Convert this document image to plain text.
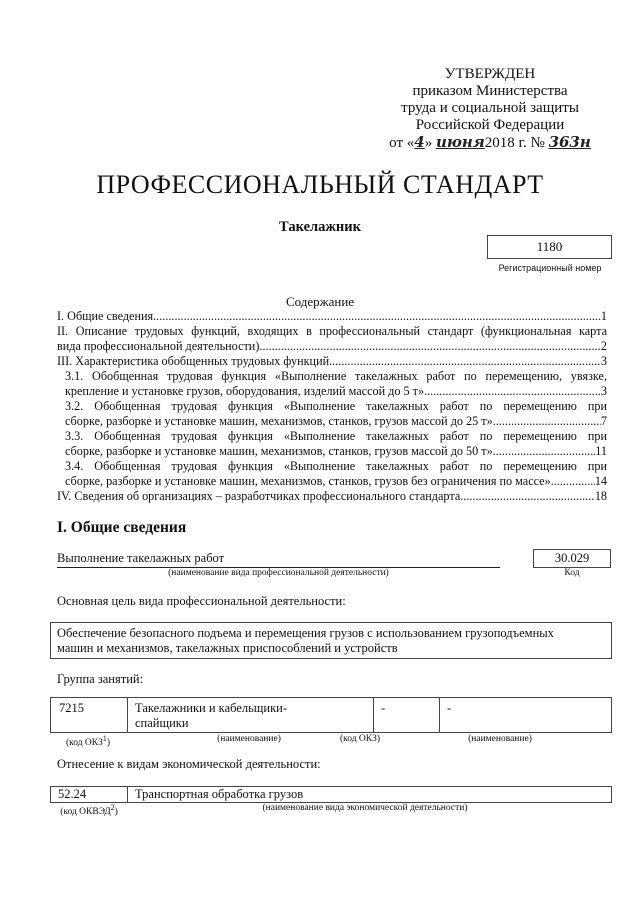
УТВЕРЖДЕН
приказом Министерства
труда и социальной защиты
Российской Федерации
от «4» июня2018 г. № 363н
ПРОФЕССИОНАЛЬНЫЙ СТАНДАРТ
Такелажник
1180
Регистрационный номер
Содержание
I. Общие сведения .....	1
II. Описание трудовых функций, входящих в профессиональный стандарт (функциональная карта
вида профессиональной деятельности) .....	2
III. Характеристика обобщенных трудовых функций .....	3
3.1. Обобщенная трудовая функция «Выполнение такелажных работ по перемещению, увязке,
крепление и установке грузов, оборудования, изделий массой до 5 т» .....	3
3.2. Обобщенная трудовая функция «Выполнение такелажных работ по перемещению при
сборке, разборке и установке машин, механизмов, станков, грузов массой до 25 т» .....	7
3.3. Обобщенная трудовая функция «Выполнение такелажных работ по перемещению при
сборке, разборке и установке машин, механизмов, станков, грузов массой до 50 т» .....	11
3.4. Обобщенная трудовая функция «Выполнение такелажных работ по перемещению при
сборке, разборке и установке машин, механизмов, станков, грузов без ограничения по массе» .....	14
IV. Сведения об организациях – разработчиках профессионального стандарта .....	18
I. Общие сведения
Выполнение такелажных работ
(наименование вида профессиональной деятельности)
30.029
Код
Основная цель вида профессиональной деятельности:
Обеспечение безопасного подъема и перемещения грузов с использованием грузоподъемных
машин и механизмов, такелажных приспособлений и устройств
Группа занятий:
7215	Такелажники и кабельщики-
спайщики
-	-
(код ОКЗ$^1$)	(наименование)	(код ОКЗ)	(наименование)
Отнесение к видам экономической деятельности:
52.24	Транспортная обработка грузов
(код ОКВЭД$^2$)	(наименование вида экономической деятельности)
